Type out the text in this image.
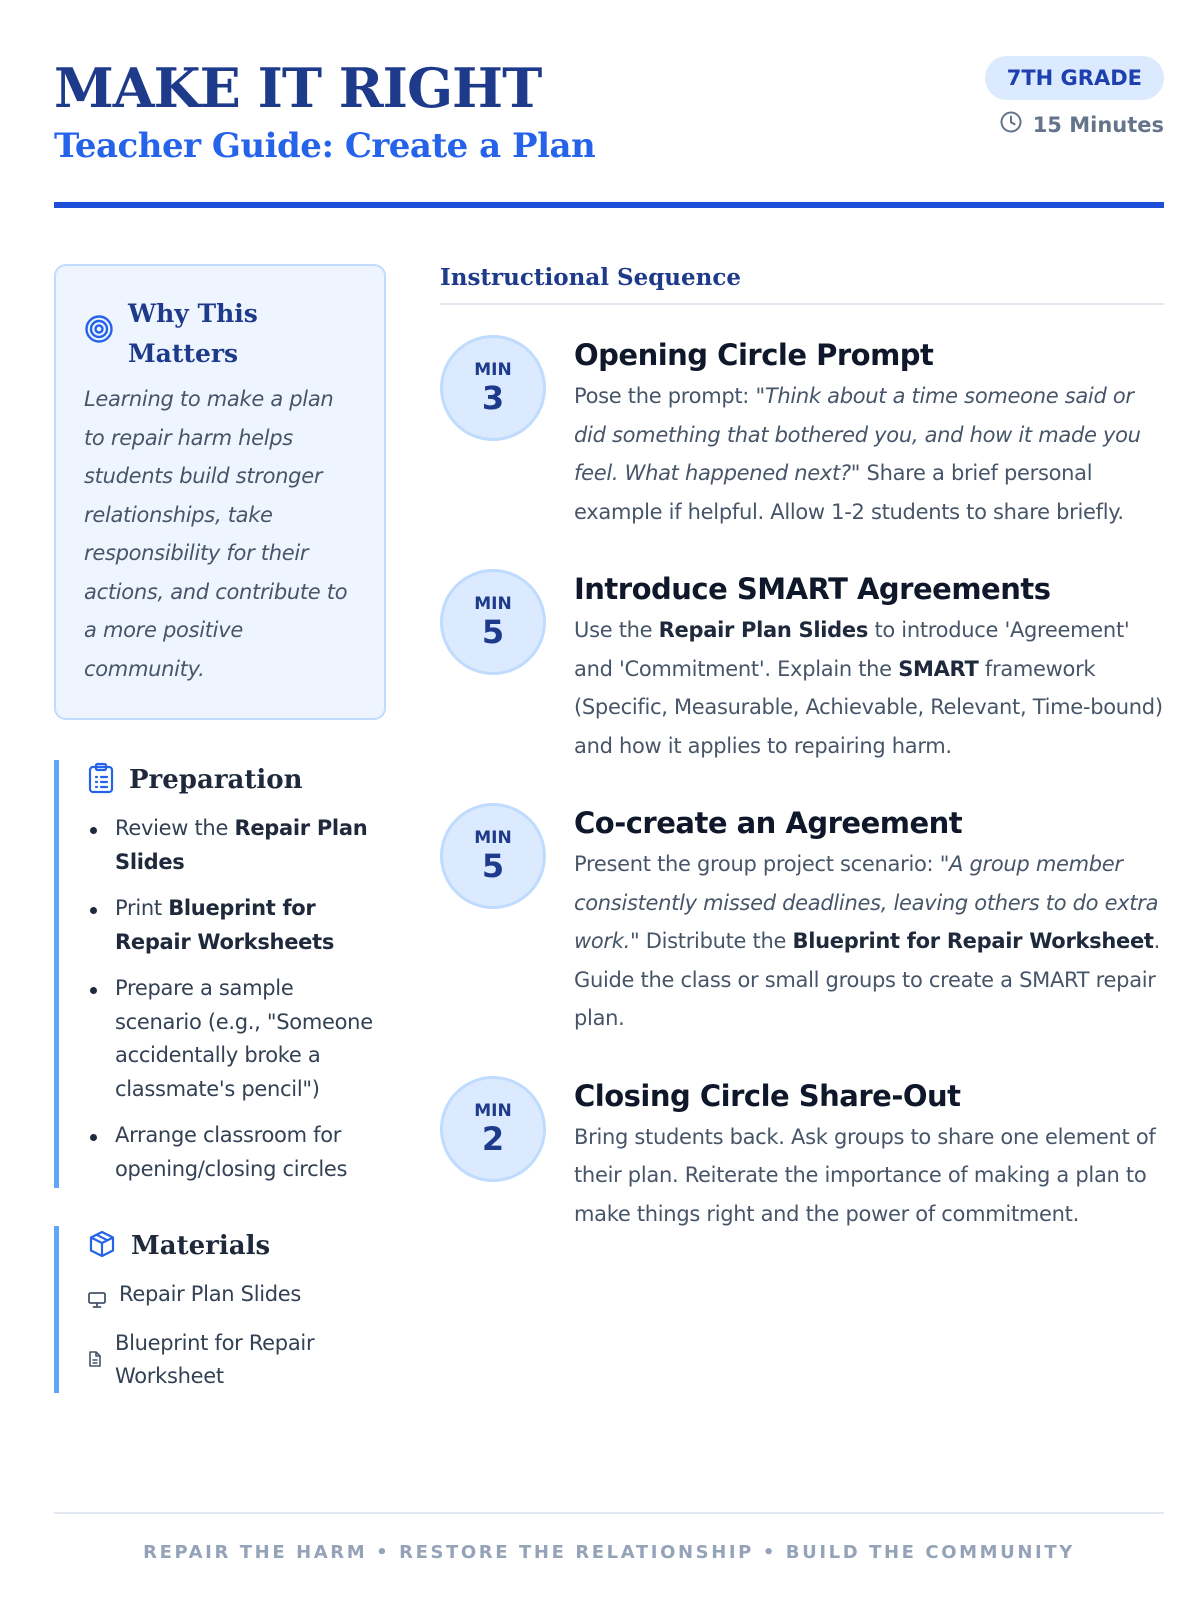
MAKE IT RIGHT
Teacher Guide: Create a Plan
7TH GRADE
15 Minutes
Why This Matters
Learning to make a plan to repair harm helps students build stronger relationships, take responsibility for their actions, and contribute to a more positive community.
Preparation
Review the Repair Plan Slides
Print Blueprint for Repair Worksheets
Prepare a sample scenario (e.g., "Someone accidentally broke a classmate's pencil")
Arrange classroom for opening/closing circles
Materials
Repair Plan Slides
Blueprint for Repair Worksheet
Instructional Sequence
MIN
3
Opening Circle Prompt
Pose the prompt: "Think about a time someone said or did something that bothered you, and how it made you feel. What happened next?" Share a brief personal example if helpful. Allow 1-2 students to share briefly.
MIN
5
Introduce SMART Agreements
Use the Repair Plan Slides to introduce 'Agreement' and 'Commitment'. Explain the SMART framework (Specific, Measurable, Achievable, Relevant, Time-bound) and how it applies to repairing harm.
MIN
5
Co-create an Agreement
Present the group project scenario: "A group member consistently missed deadlines, leaving others to do extra work." Distribute the Blueprint for Repair Worksheet. Guide the class or small groups to create a SMART repair plan.
MIN
2
Closing Circle Share-Out
Bring students back. Ask groups to share one element of their plan. Reiterate the importance of making a plan to make things right and the power of commitment.
REPAIR THE HARM • RESTORE THE RELATIONSHIP • BUILD THE COMMUNITY
